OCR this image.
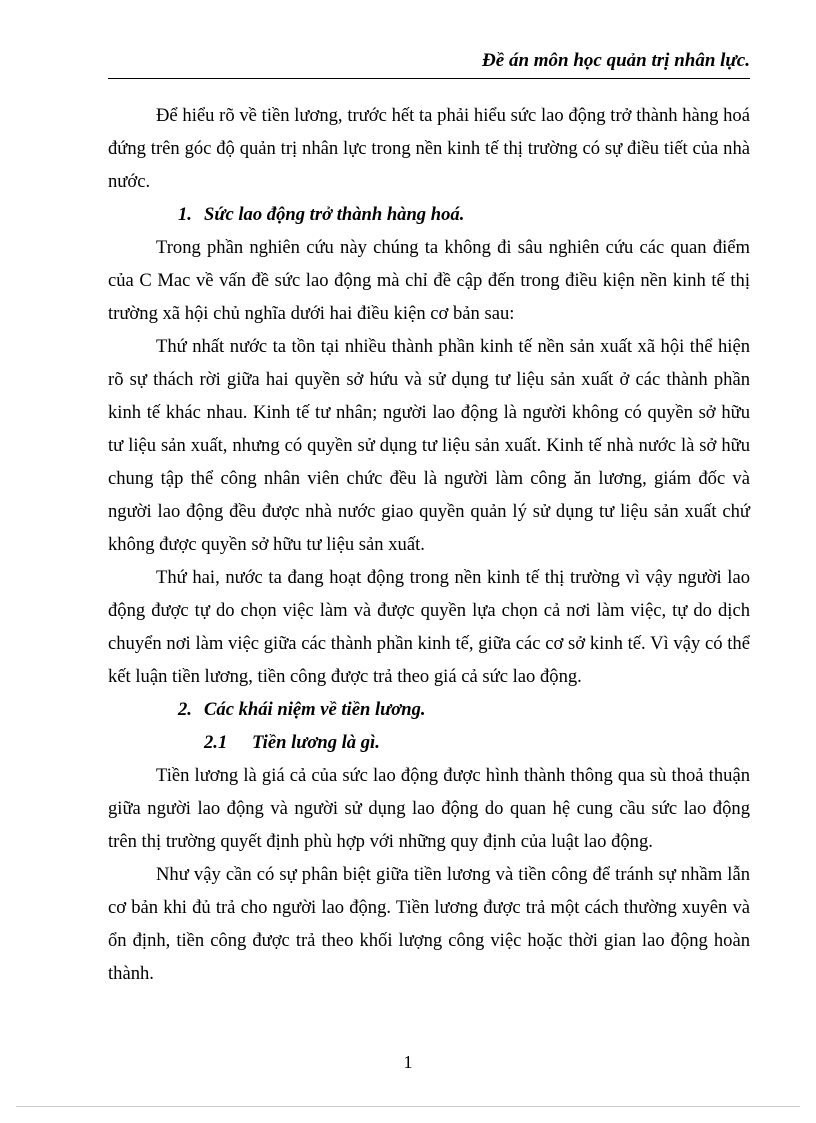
Đề án môn học quản trị nhân lực.

Để hiểu rõ về tiền lương, trước hết ta phải hiểu sức lao động trở thành hàng hoá đứng trên góc độ quản trị nhân lực trong nền kinh tế thị trường có sự điều tiết của nhà nước.

1. Sức lao động trở thành hàng hoá.

Trong phần nghiên cứu này chúng ta không đi sâu nghiên cứu các quan điểm của C Mac về vấn đề sức lao động mà chỉ đề cập đến trong điều kiện nền kinh tế thị trường xã hội chủ nghĩa dưới hai điều kiện cơ bản sau:

Thứ nhất nước ta tồn tại nhiều thành phần kinh tế nền sản xuất xã hội thể hiện rõ sự thách rời giữa hai quyền sở hứu và sử dụng tư liệu sản xuất ở các thành phần kinh tế khác nhau. Kinh tế tư nhân; người lao động là người không có quyền sở hữu tư liệu sản xuất, nhưng có quyền sử dụng tư liệu sản xuất. Kinh tế nhà nước là sở hữu chung tập thể công nhân viên chức đều là người làm công ăn lương, giám đốc và người lao động đều được nhà nước giao quyền quản lý sử dụng tư liệu sản xuất chứ không được quyền sở hữu tư liệu sản xuất.

Thứ hai, nước ta đang hoạt động trong nền kinh tế thị trường vì vậy người lao động được tự do chọn việc làm và được quyền lựa chọn cả nơi làm việc, tự do dịch chuyển nơi làm việc giữa các thành phần kinh tế, giữa các cơ sở kinh tế. Vì vậy có thể kết luận tiền lương, tiền công được trả theo giá cả sức lao động.

2. Các khái niệm về tiền lương.
2.1 Tiền lương là gì.

Tiền lương là giá cả của sức lao động được hình thành thông qua sù thoả thuận giữa người lao động và người sử dụng lao động do quan hệ cung cầu sức lao động trên thị trường quyết định phù hợp với những quy định của luật lao động.

Như vậy cần có sự phân biệt giữa tiền lương và tiền công để tránh sự nhầm lẫn cơ bản khi đủ trả cho người lao động. Tiền lương được trả một cách thường xuyên và ổn định, tiền công được trả theo khối lượng công việc hoặc thời gian lao động hoàn thành.

1
